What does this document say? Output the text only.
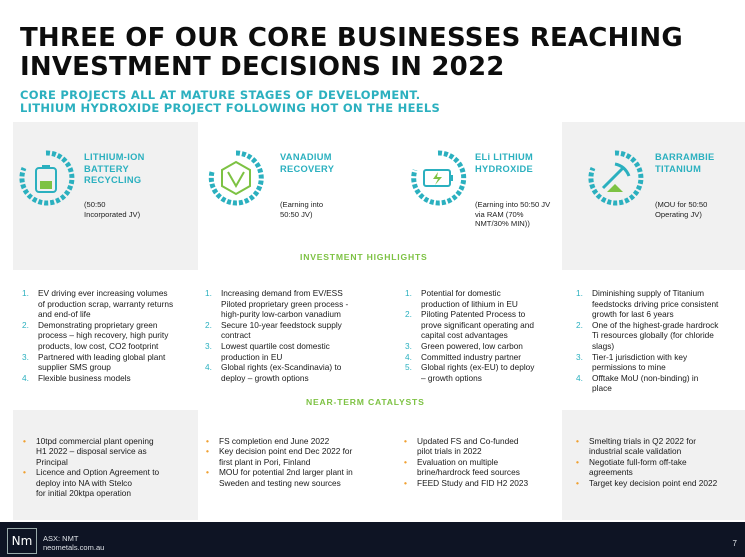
THREE OF OUR CORE BUSINESSES REACHING
INVESTMENT DECISIONS IN 2022
CORE PROJECTS ALL AT MATURE STAGES OF DEVELOPMENT.
LITHIUM HYDROXIDE PROJECT FOLLOWING HOT ON THE HEELS
LITHIUM-ION
BATTERY
RECYCLING
(50:50
Incorporated JV)
VANADIUM
RECOVERY
(Earning into
50:50 JV)
ELi LITHIUM
HYDROXIDE
(Earning into 50:50 JV
via RAM (70%
NMT/30% MIN))
BARRAMBIE
TITANIUM
(MOU for 50:50
Operating JV)
INVESTMENT HIGHLIGHTS
NEAR-TERM CATALYSTS
1. EV driving ever increasing volumes
of production scrap, warranty returns
and end-of life
2. Demonstrating proprietary green
process – high recovery, high purity
products, low cost, CO2 footprint
3. Partnered with leading global plant
supplier SMS group
4. Flexible business models
1. Increasing demand from EV/ESS
Piloted proprietary green process -
high-purity low-carbon vanadium
2. Secure 10-year feedstock supply
contract
3. Lowest quartile cost domestic
production in EU
4. Global rights (ex-Scandinavia) to
deploy – growth options
1. Potential for domestic
production of lithium in EU
2. Piloting Patented Process to
prove significant operating and
capital cost advantages
3. Green powered, low carbon
4. Committed industry partner
5. Global rights (ex-EU) to deploy
– growth options
1. Diminishing supply of Titanium
feedstocks driving price consistent
growth for last 6 years
2. One of the highest-grade hardrock
Ti resources globally (for chloride
slags)
3. Tier-1 jurisdiction with key
permissions to mine
4. Offtake MoU (non-binding) in
place
• 10tpd commercial plant opening
H1 2022 – disposal service as
Principal
• Licence and Option Agreement to
deploy into NA with Stelco
for initial 20ktpa operation
• FS completion end June 2022
• Key decision point end Dec 2022 for
first plant in Pori, Finland
• MOU for potential 2nd larger plant in
Sweden and testing new sources
• Updated FS and Co-funded
pilot trials in 2022
• Evaluation on multiple
brine/hardrock feed sources
• FEED Study and FID H2 2023
• Smelting trials in Q2 2022 for
industrial scale validation
• Negotiate full-form off-take
agreements
• Target key decision point end 2022
Nm	ASX: NMT
neometals.com.au	7
